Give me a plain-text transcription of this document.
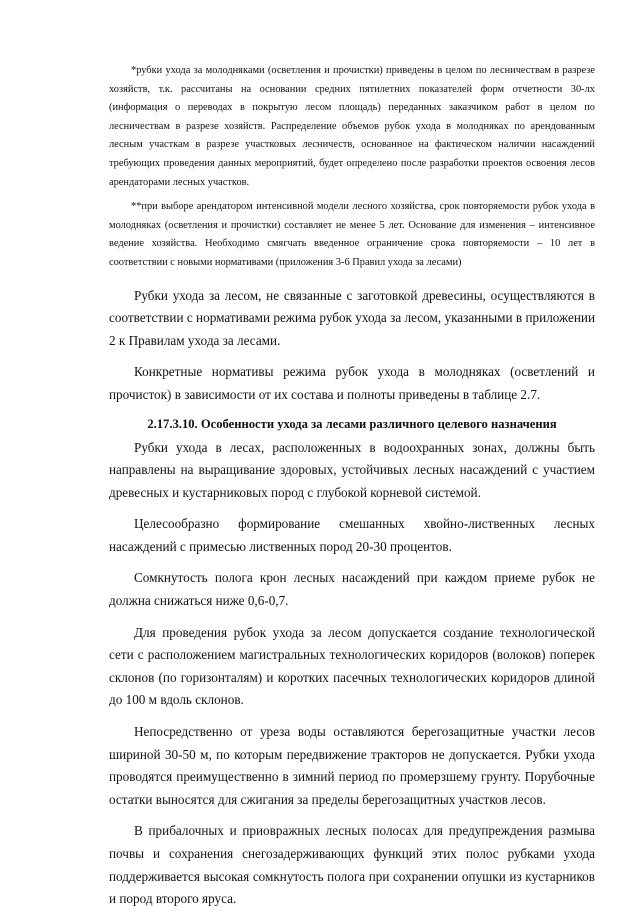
*рубки ухода за молодняками (осветления и прочистки) приведены в целом по лесничествам в разрезе хозяйств, т.к. рассчитаны на основании средних пятилетних показателей форм отчетности 30-лх (информация о переводах в покрытую лесом площадь) переданных заказчиком работ в целом по лесничествам в разрезе хозяйств. Распределение объемов рубок ухода в молодняках по арендованным лесным участкам в разрезе участковых лесничеств, основанное на фактическом наличии насаждений требующих проведения данных мероприятий, будет определено после разработки проектов освоения лесов арендаторами лесных участков.

**при выборе арендатором интенсивной модели лесного хозяйства, срок повторяемости рубок ухода в молодняках (осветления и прочистки) составляет не менее 5 лет. Основание для изменения – интенсивное ведение хозяйства. Необходимо смягчать введенное ограничение срока повторяемости – 10 лет в соответствии с новыми нормативами (приложения 3-6 Правил ухода за лесами)

Рубки ухода за лесом, не связанные с заготовкой древесины, осуществляются в соответствии с нормативами режима рубок ухода за лесом, указанными в приложении 2 к Правилам ухода за лесами.

Конкретные нормативы режима рубок ухода в молодняках (осветлений и прочисток) в зависимости от их состава и полноты приведены в таблице 2.7.

2.17.3.10. Особенности ухода за лесами различного целевого назначения

Рубки ухода в лесах, расположенных в водоохранных зонах, должны быть направлены на выращивание здоровых, устойчивых лесных насаждений с участием древесных и кустарниковых пород с глубокой корневой системой.

Целесообразно формирование смешанных хвойно-лиственных лесных насаждений с примесью лиственных пород 20-30 процентов.

Сомкнутость полога крон лесных насаждений при каждом приеме рубок не должна снижаться ниже 0,6-0,7.

Для проведения рубок ухода за лесом допускается создание технологической сети с расположением магистральных технологических коридоров (волоков) поперек склонов (по горизонталям) и коротких пасечных технологических коридоров длиной до 100 м вдоль склонов.

Непосредственно от уреза воды оставляются берегозащитные участки лесов шириной 30-50 м, по которым передвижение тракторов не допускается. Рубки ухода проводятся преимущественно в зимний период по промерзшему грунту. Порубочные остатки выносятся для сжигания за пределы берегозащитных участков лесов.

В прибалочных и приовражных лесных полосах для предупреждения размыва почвы и сохранения снегозадерживающих функций этих полос рубками ухода поддерживается высокая сомкнутость полога при сохранении опушки из кустарников и пород второго яруса.
